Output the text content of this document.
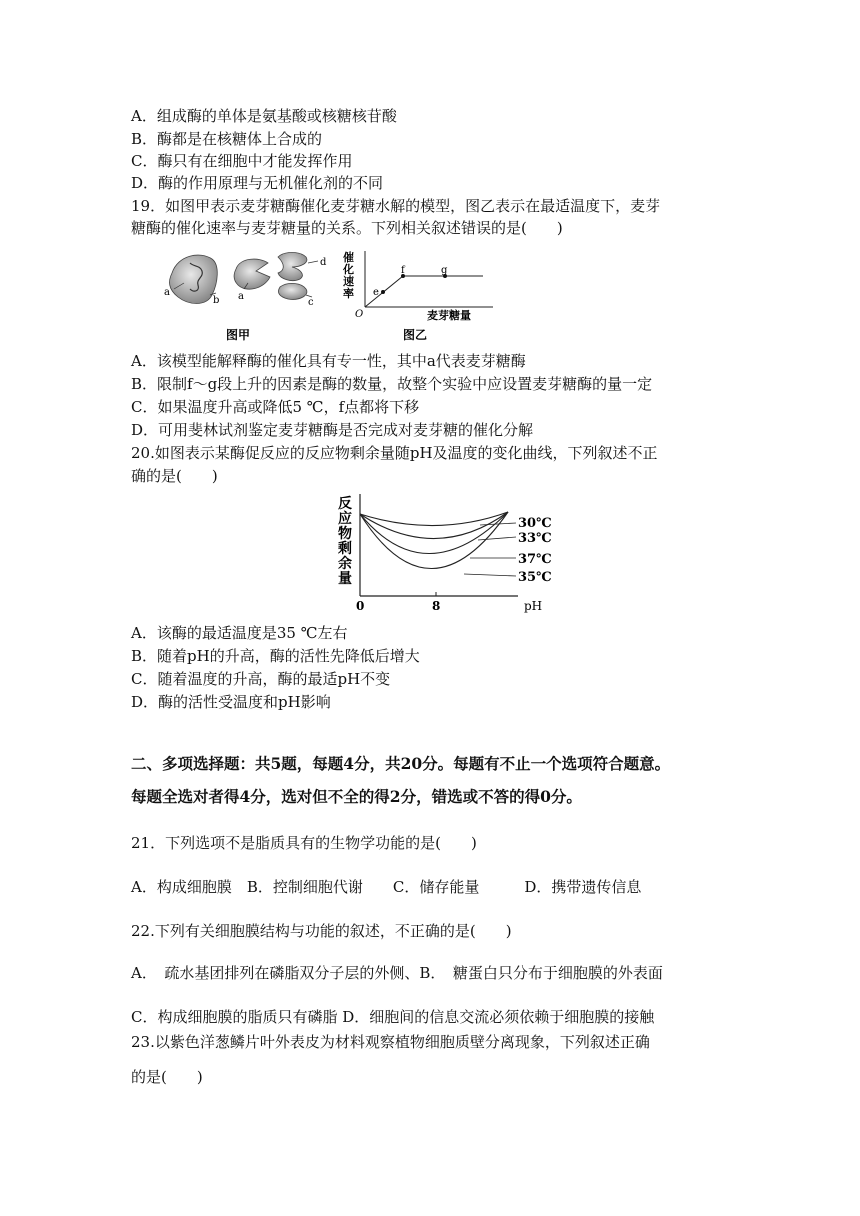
A．组成酶的单体是氨基酸或核糖核苷酸
B．酶都是在核糖体上合成的
C．酶只有在细胞中才能发挥作用
D．酶的作用原理与无机催化剂的不同
19．如图甲表示麦芽糖酶催化麦芽糖水解的模型，图乙表示在最适温度下，麦芽
糖酶的催化速率与麦芽糖量的关系。下列相关叙述错误的是(　　)
a
b a
c
d
图甲
催
化
速
率 e
f	g
O	麦芽糖量
图乙
A．该模型能解释酶的催化具有专一性，其中a代表麦芽糖酶
B．限制f～g段上升的因素是酶的数量，故整个实验中应设置麦芽糖酶的量一定
C．如果温度升高或降低5 ℃，f点都将下移
D．可用斐林试剂鉴定麦芽糖酶是否完成对麦芽糖的催化分解
20.如图表示某酶促反应的反应物剩余量随pH及温度的变化曲线，下列叙述不正
确的是(　　)
反
应
物
剩
余
量
30℃
33℃
37℃
35℃
0	8	pH
A．该酶的最适温度是35 ℃左右
B．随着pH的升高，酶的活性先降低后增大
C．随着温度的升高，酶的最适pH不变
D．酶的活性受温度和pH影响
二、多项选择题：共5题，每题4分，共20分。每题有不止一个选项符合题意。
每题全选对者得4分，选对但不全的得2分，错选或不答的得0分。
21．下列选项不是脂质具有的生物学功能的是(　　)
A．构成细胞膜　B．控制细胞代谢　　C．储存能量　　　D．携带遗传信息
22.下列有关细胞膜结构与功能的叙述，不正确的是(　　)
A．　疏水基团排列在磷脂双分子层的外侧、B．　糖蛋白只分布于细胞膜的外表面
C．构成细胞膜的脂质只有磷脂 D．细胞间的信息交流必须依赖于细胞膜的接触
23.以紫色洋葱鳞片叶外表皮为材料观察植物细胞质壁分离现象，下列叙述正确
的是(　　)
